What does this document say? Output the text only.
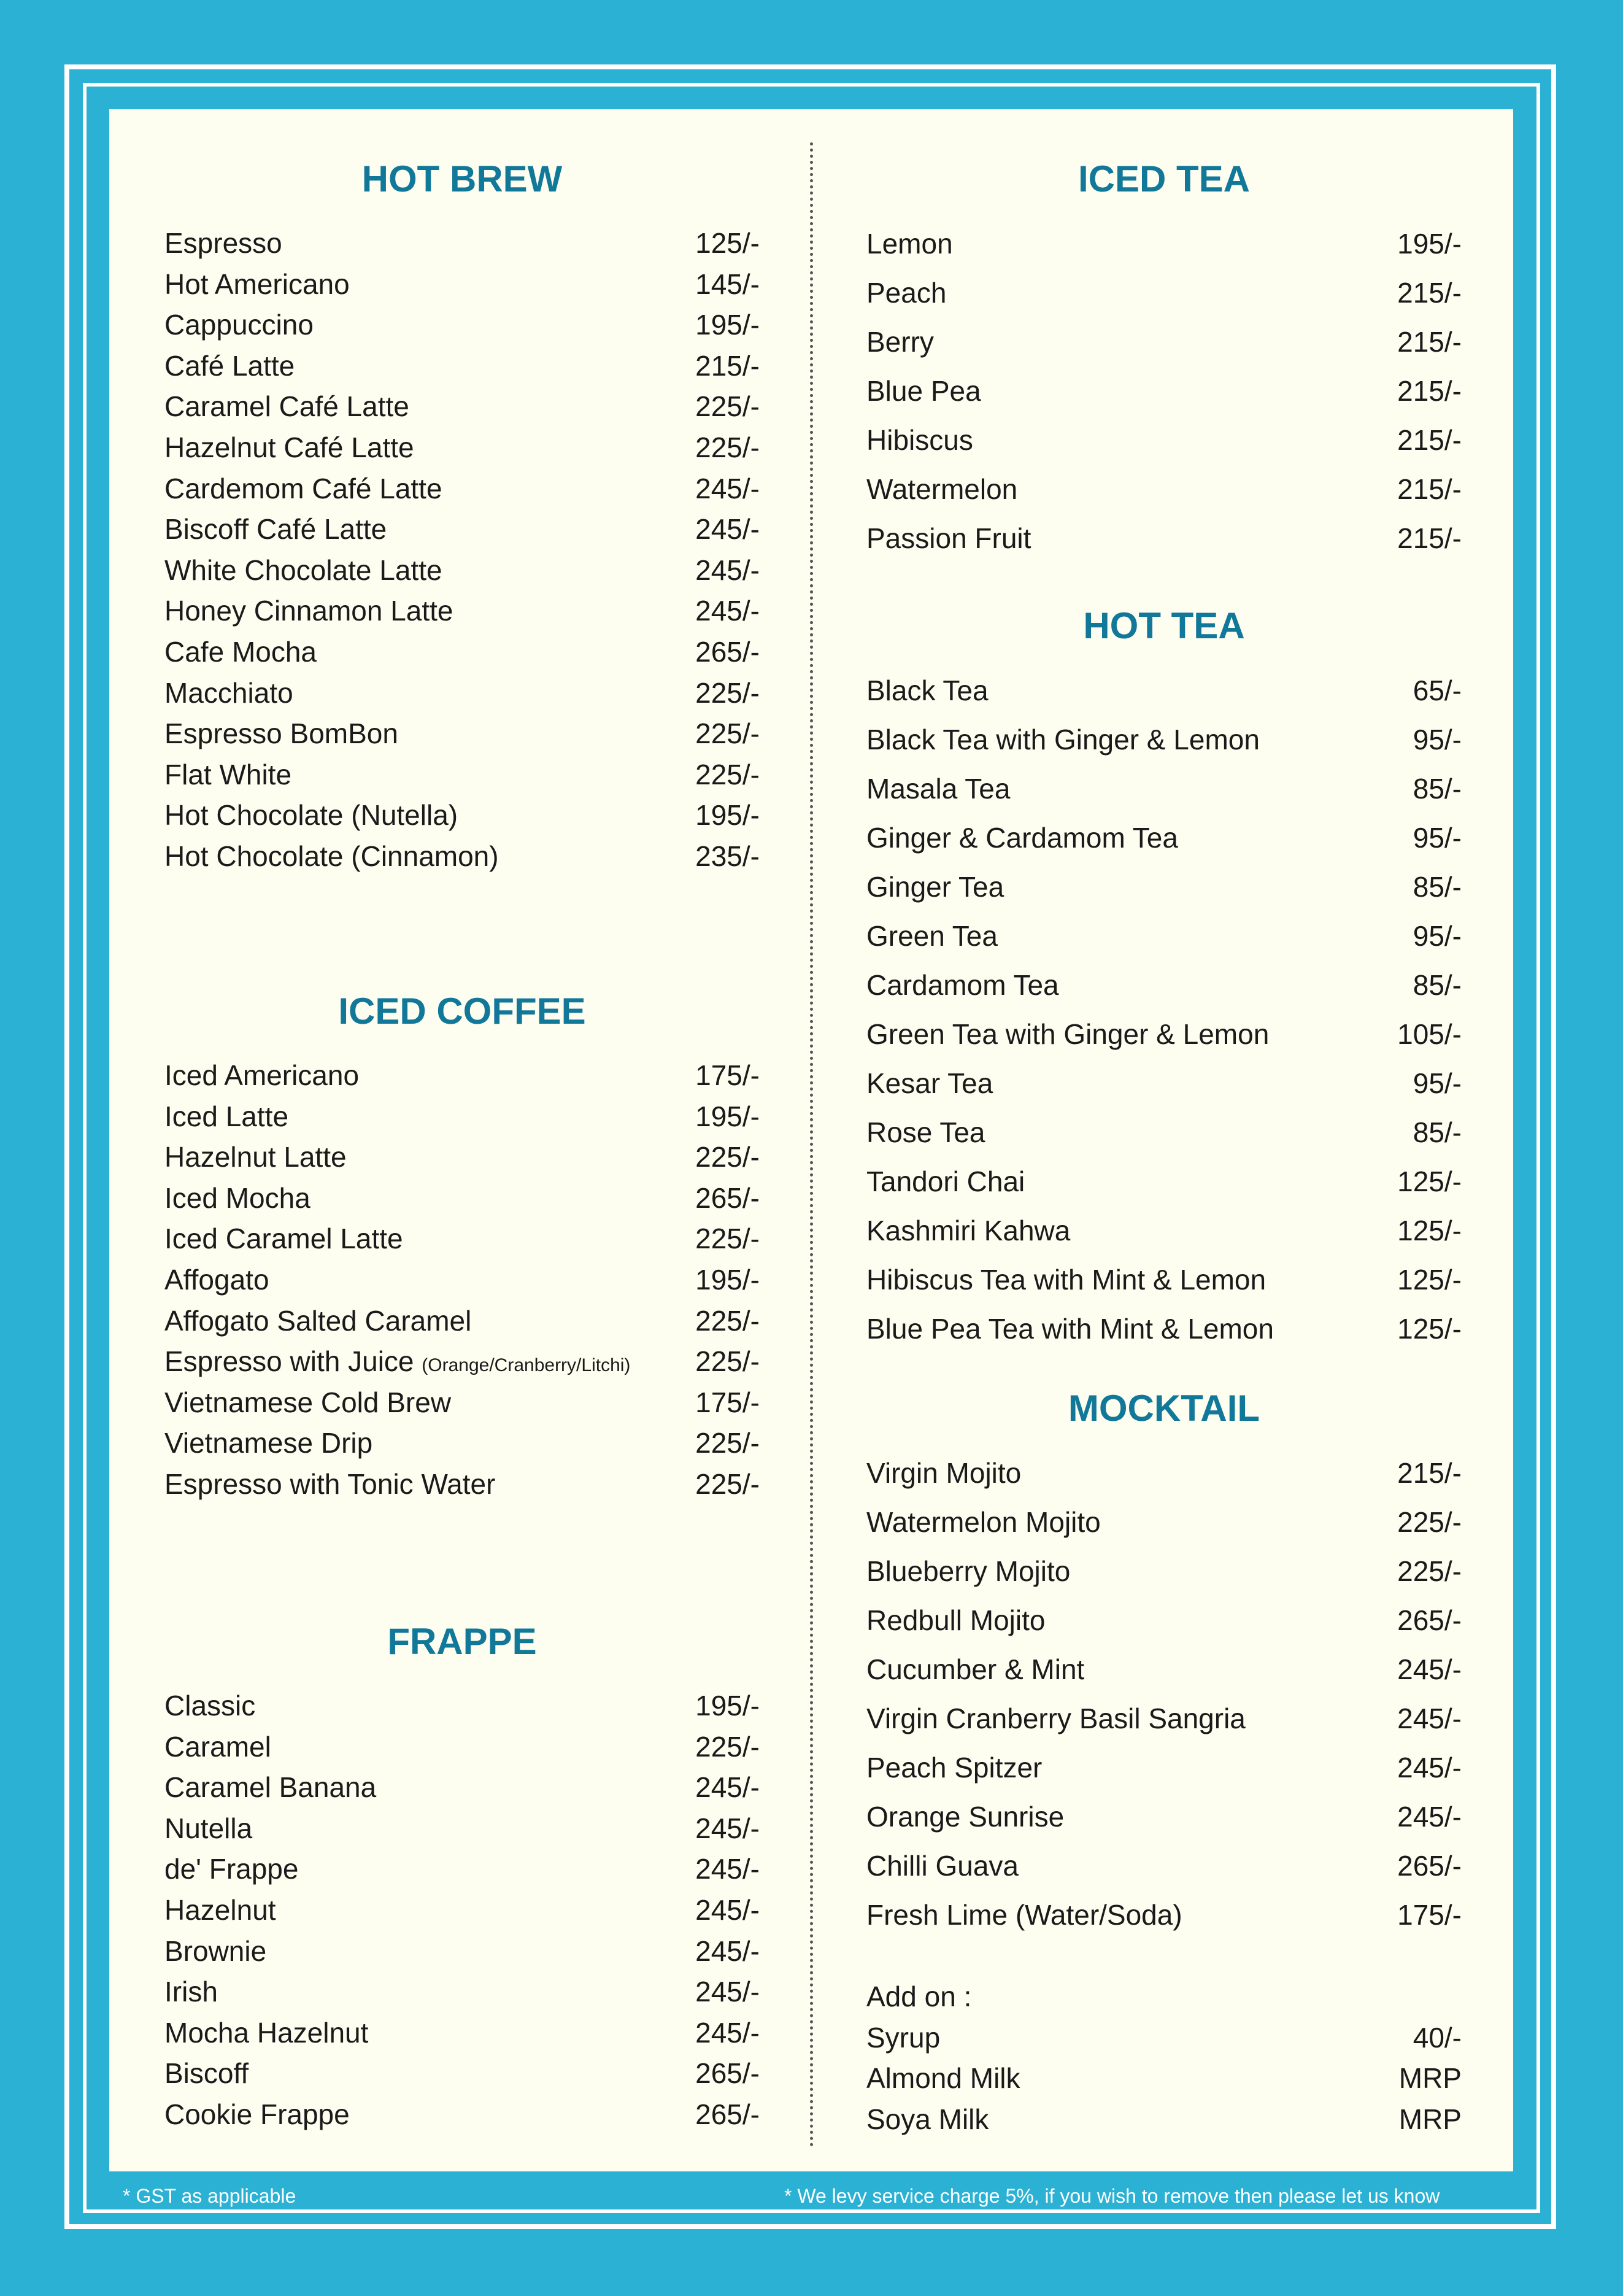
HOT BREW
Espresso	125/-
Hot Americano	145/-
Cappuccino	195/-
Café Latte	215/-
Caramel Café Latte	225/-
Hazelnut Café Latte	225/-
Cardemom Café Latte	245/-
Biscoff Café Latte	245/-
White Chocolate Latte	245/-
Honey Cinnamon Latte	245/-
Cafe Mocha	265/-
Macchiato	225/-
Espresso BomBon	225/-
Flat White	225/-
Hot Chocolate (Nutella)	195/-
Hot Chocolate (Cinnamon)	235/-
ICED COFFEE
Iced Americano	175/-
Iced Latte	195/-
Hazelnut Latte	225/-
Iced Mocha	265/-
Iced Caramel Latte	225/-
Affogato	195/-
Affogato Salted Caramel	225/-
Espresso with Juice (Orange/Cranberry/Litchi) 225/-
Vietnamese Cold Brew	175/-
Vietnamese Drip	225/-
Espresso with Tonic Water	225/-
FRAPPE
Classic	195/-
Caramel	225/-
Caramel Banana	245/-
Nutella	245/-
de' Frappe	245/-
Hazelnut	245/-
Brownie	245/-
Irish	245/-
Mocha Hazelnut	245/-
Biscoff	265/-
Cookie Frappe	265/-
ICED TEA
Lemon	195/-
Peach	215/-
Berry	215/-
Blue Pea	215/-
Hibiscus	215/-
Watermelon	215/-
Passion Fruit	215/-
HOT TEA
Black Tea	65/-
Black Tea with Ginger & Lemon	95/-
Masala Tea	85/-
Ginger & Cardamom Tea	95/-
Ginger Tea	85/-
Green Tea	95/-
Cardamom Tea	85/-
Green Tea with Ginger & Lemon	105/-
Kesar Tea	95/-
Rose Tea	85/-
Tandori Chai	125/-
Kashmiri Kahwa	125/-
Hibiscus Tea with Mint & Lemon	125/-
Blue Pea Tea with Mint & Lemon	125/-
MOCKTAIL
Virgin Mojito	215/-
Watermelon Mojito	225/-
Blueberry Mojito	225/-
Redbull Mojito	265/-
Cucumber & Mint	245/-
Virgin Cranberry Basil Sangria	245/-
Peach Spitzer	245/-
Orange Sunrise	245/-
Chilli Guava	265/-
Fresh Lime (Water/Soda)	175/-
Add on :
Syrup	40/-
Almond Milk	MRP
Soya Milk	MRP
* GST as applicable	* We levy service charge 5%, if you wish to remove then please let us know
